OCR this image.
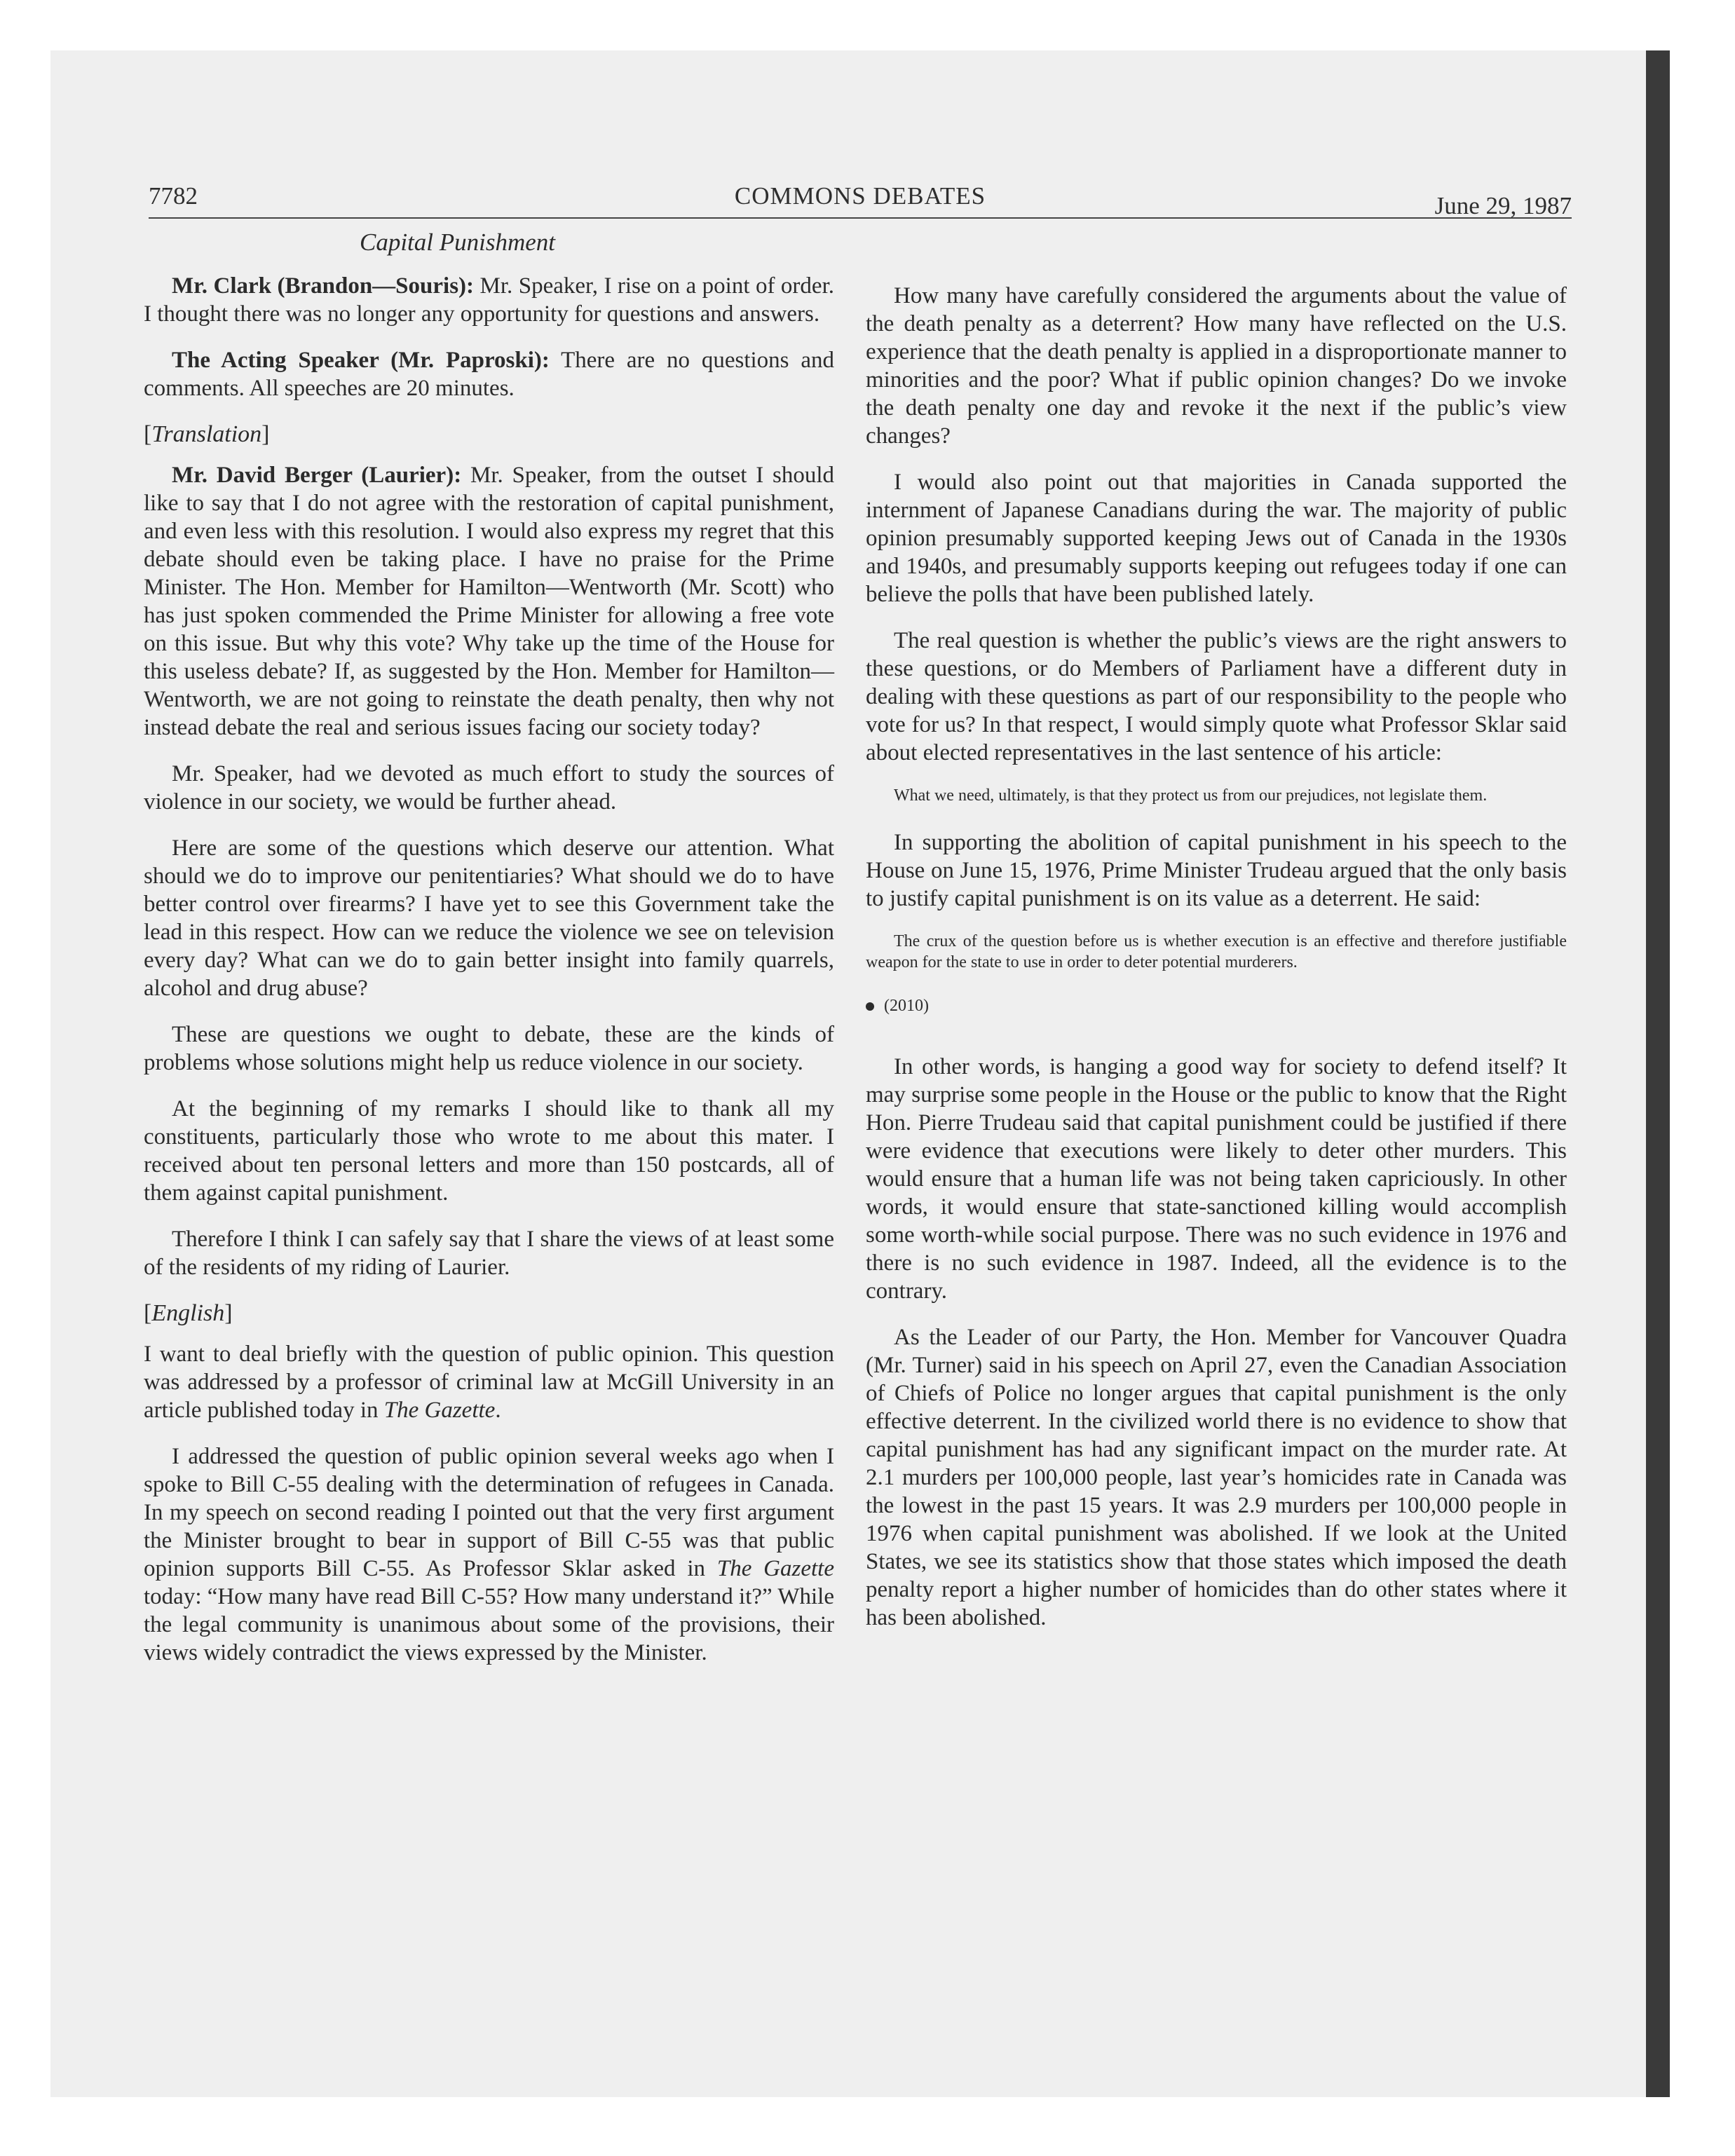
7782	COMMONS DEBATES	June 29, 1987
Capital Punishment

Mr. Clark (Brandon—Souris): Mr. Speaker, I rise on a point of order. I thought there was no longer any opportunity for questions and answers.

The Acting Speaker (Mr. Paproski): There are no questions and comments. All speeches are 20 minutes.

[Translation]

Mr. David Berger (Laurier): Mr. Speaker, from the outset I should like to say that I do not agree with the restoration of capital punishment, and even less with this resolution. I would also express my regret that this debate should even be taking place. I have no praise for the Prime Minister. The Hon. Member for Hamilton—Wentworth (Mr. Scott) who has just spoken commended the Prime Minister for allowing a free vote on this issue. But why this vote? Why take up the time of the House for this useless debate? If, as suggested by the Hon. Member for Hamilton—Wentworth, we are not going to reinstate the death penalty, then why not instead debate the real and serious issues facing our society today?

Mr. Speaker, had we devoted as much effort to study the sources of violence in our society, we would be further ahead.

Here are some of the questions which deserve our attention. What should we do to improve our penitentiaries? What should we do to have better control over firearms? I have yet to see this Government take the lead in this respect. How can we reduce the violence we see on television every day? What can we do to gain better insight into family quarrels, alcohol and drug abuse?

These are questions we ought to debate, these are the kinds of problems whose solutions might help us reduce violence in our society.

At the beginning of my remarks I should like to thank all my constituents, particularly those who wrote to me about this mater. I received about ten personal letters and more than 150 postcards, all of them against capital punishment.

Therefore I think I can safely say that I share the views of at least some of the residents of my riding of Laurier.

[English]

I want to deal briefly with the question of public opinion. This question was addressed by a professor of criminal law at McGill University in an article published today in The Gazette.

I addressed the question of public opinion several weeks ago when I spoke to Bill C-55 dealing with the determination of refugees in Canada. In my speech on second reading I pointed out that the very first argument the Minister brought to bear in support of Bill C-55 was that public opinion supports Bill C-55. As Professor Sklar asked in The Gazette today: “How many have read Bill C-55? How many understand it?” While the legal community is unanimous about some of the provisions, their views widely contradict the views expressed by the Minister.

How many have carefully considered the arguments about the value of the death penalty as a deterrent? How many have reflected on the U.S. experience that the death penalty is applied in a disproportionate manner to minorities and the poor? What if public opinion changes? Do we invoke the death penalty one day and revoke it the next if the public’s view changes?

I would also point out that majorities in Canada supported the internment of Japanese Canadians during the war. The majority of public opinion presumably supported keeping Jews out of Canada in the 1930s and 1940s, and presumably supports keeping out refugees today if one can believe the polls that have been published lately.

The real question is whether the public’s views are the right answers to these questions, or do Members of Parliament have a different duty in dealing with these questions as part of our responsibility to the people who vote for us? In that respect, I would simply quote what Professor Sklar said about elected representatives in the last sentence of his article:

What we need, ultimately, is that they protect us from our prejudices, not legislate them.

In supporting the abolition of capital punishment in his speech to the House on June 15, 1976, Prime Minister Trudeau argued that the only basis to justify capital punishment is on its value as a deterrent. He said:

The crux of the question before us is whether execution is an effective and therefore justifiable weapon for the state to use in order to deter potential murderers.
(2010)

In other words, is hanging a good way for society to defend itself? It may surprise some people in the House or the public to know that the Right Hon. Pierre Trudeau said that capital punishment could be justified if there were evidence that executions were likely to deter other murders. This would ensure that a human life was not being taken capriciously. In other words, it would ensure that state-sanctioned killing would accomplish some worth-while social purpose. There was no such evidence in 1976 and there is no such evidence in 1987. Indeed, all the evidence is to the contrary.

As the Leader of our Party, the Hon. Member for Vancouver Quadra (Mr. Turner) said in his speech on April 27, even the Canadian Association of Chiefs of Police no longer argues that capital punishment is the only effective deterrent. In the civilized world there is no evidence to show that capital punishment has had any significant impact on the murder rate. At 2.1 murders per 100,000 people, last year’s homicides rate in Canada was the lowest in the past 15 years. It was 2.9 murders per 100,000 people in 1976 when capital punishment was abolished. If we look at the United States, we see its statistics show that those states which imposed the death penalty report a higher number of homicides than do other states where it has been abolished.
